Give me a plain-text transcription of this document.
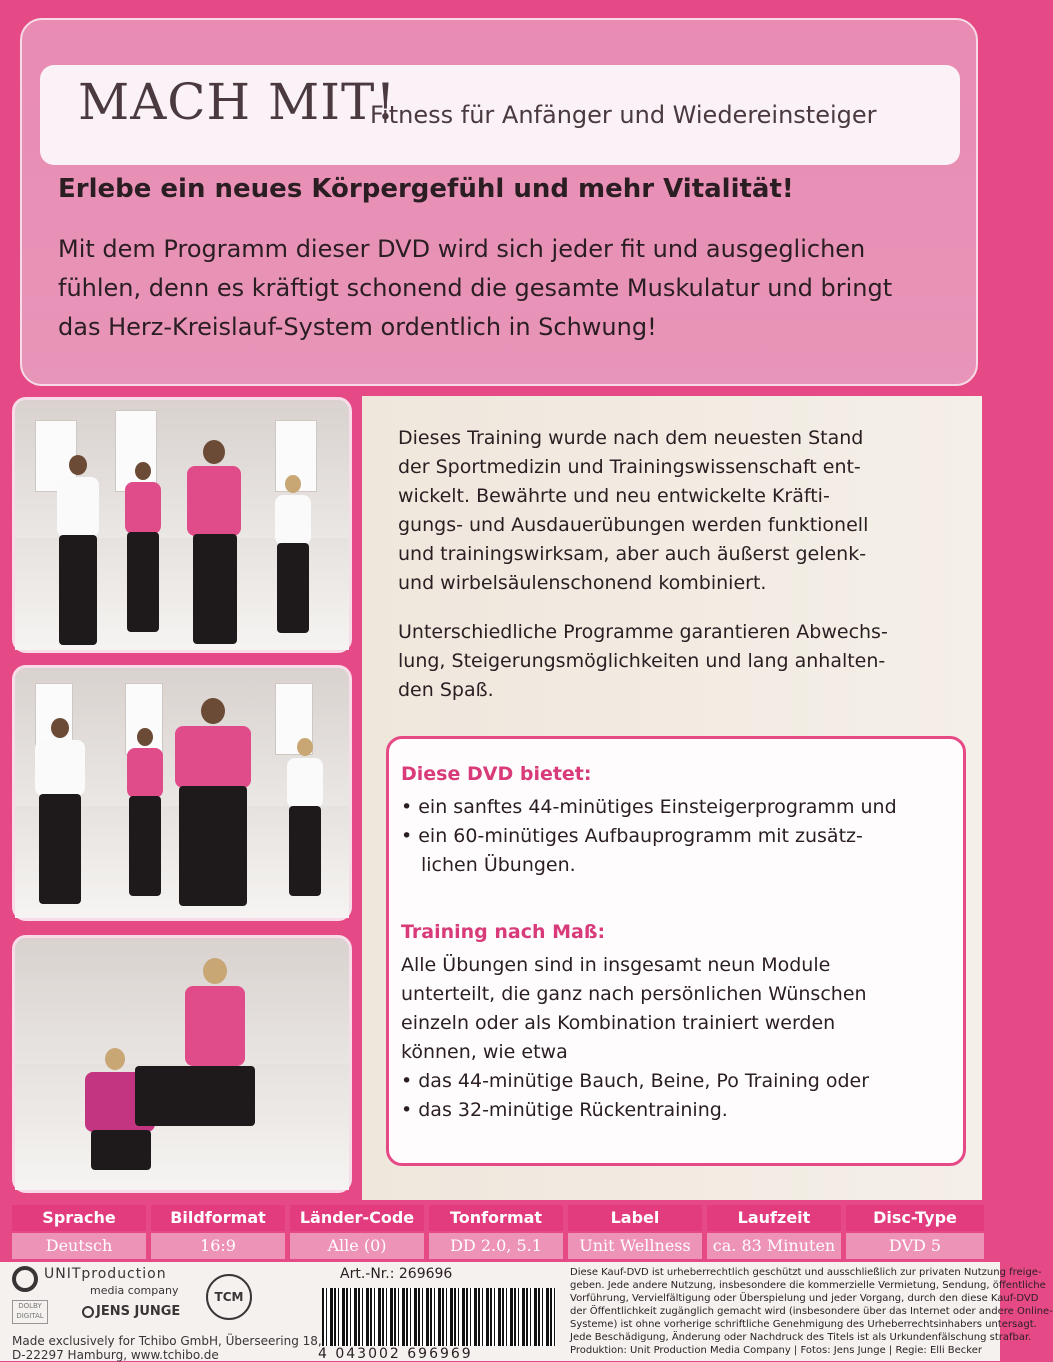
MACH MIT!
Fitness für Anfänger und Wiedereinsteiger
Erlebe ein neues Körpergefühl und mehr Vitalität!

Mit dem Programm dieser DVD wird sich jeder fit und ausgeglichen

fühlen, denn es kräftigt schonend die gesamte Muskulatur und bringt

das Herz-Kreislauf-System ordentlich in Schwung!

Dieses Training wurde nach dem neuesten Stand

der Sportmedizin und Trainingswissenschaft ent-

wickelt. Bewährte und neu entwickelte Kräfti-

gungs- und Ausdauerübungen werden funktionell

und trainingswirksam, aber auch äußerst gelenk-

und wirbelsäulenschonend kombiniert.

Unterschiedliche Programme garantieren Abwechs-

lung, Steigerungsmöglichkeiten und lang anhalten-

den Spaß.

Diese DVD bietet:

• ein sanftes 44-minütiges Einsteigerprogramm und

• ein 60-minütiges Aufbauprogramm mit zusätz-

lichen Übungen.

Training nach Maß:

Alle Übungen sind in insgesamt neun Module

unterteilt, die ganz nach persönlichen Wünschen

einzeln oder als Kombination trainiert werden

können, wie etwa

• das 44-minütige Bauch, Beine, Po Training oder

• das 32-minütige Rückentraining.

Sprache
Deutsch
Bildformat
16:9
Länder-Code
Alle (0)
Tonformat
DD 2.0, 5.1
Label
Unit Wellness
Laufzeit
ca. 83 Minuten
Disc-Type
DVD 5
UNITproduction
media company
DOLBY DIGITAL	JENS JUNGE
TCM

Made exclusively for Tchibo GmbH, Überseering 18,

D-22297 Hamburg, www.tchibo.de

Art.-Nr.: 269696
4 043002 696969

Diese Kauf-DVD ist urheberrechtlich geschützt und ausschließlich zur privaten Nutzung freige-

geben. Jede andere Nutzung, insbesondere die kommerzielle Vermietung, Sendung, öffentliche

Vorführung, Vervielfältigung oder Überspielung und jeder Vorgang, durch den diese Kauf-DVD

der Öffentlichkeit zugänglich gemacht wird (insbesondere über das Internet oder andere Online-

Systeme) ist ohne vorherige schriftliche Genehmigung des Urheberrechtsinhabers untersagt.

Jede Beschädigung, Änderung oder Nachdruck des Titels ist als Urkundenfälschung strafbar.

Produktion: Unit Production Media Company | Fotos: Jens Junge | Regie: Elli Becker
